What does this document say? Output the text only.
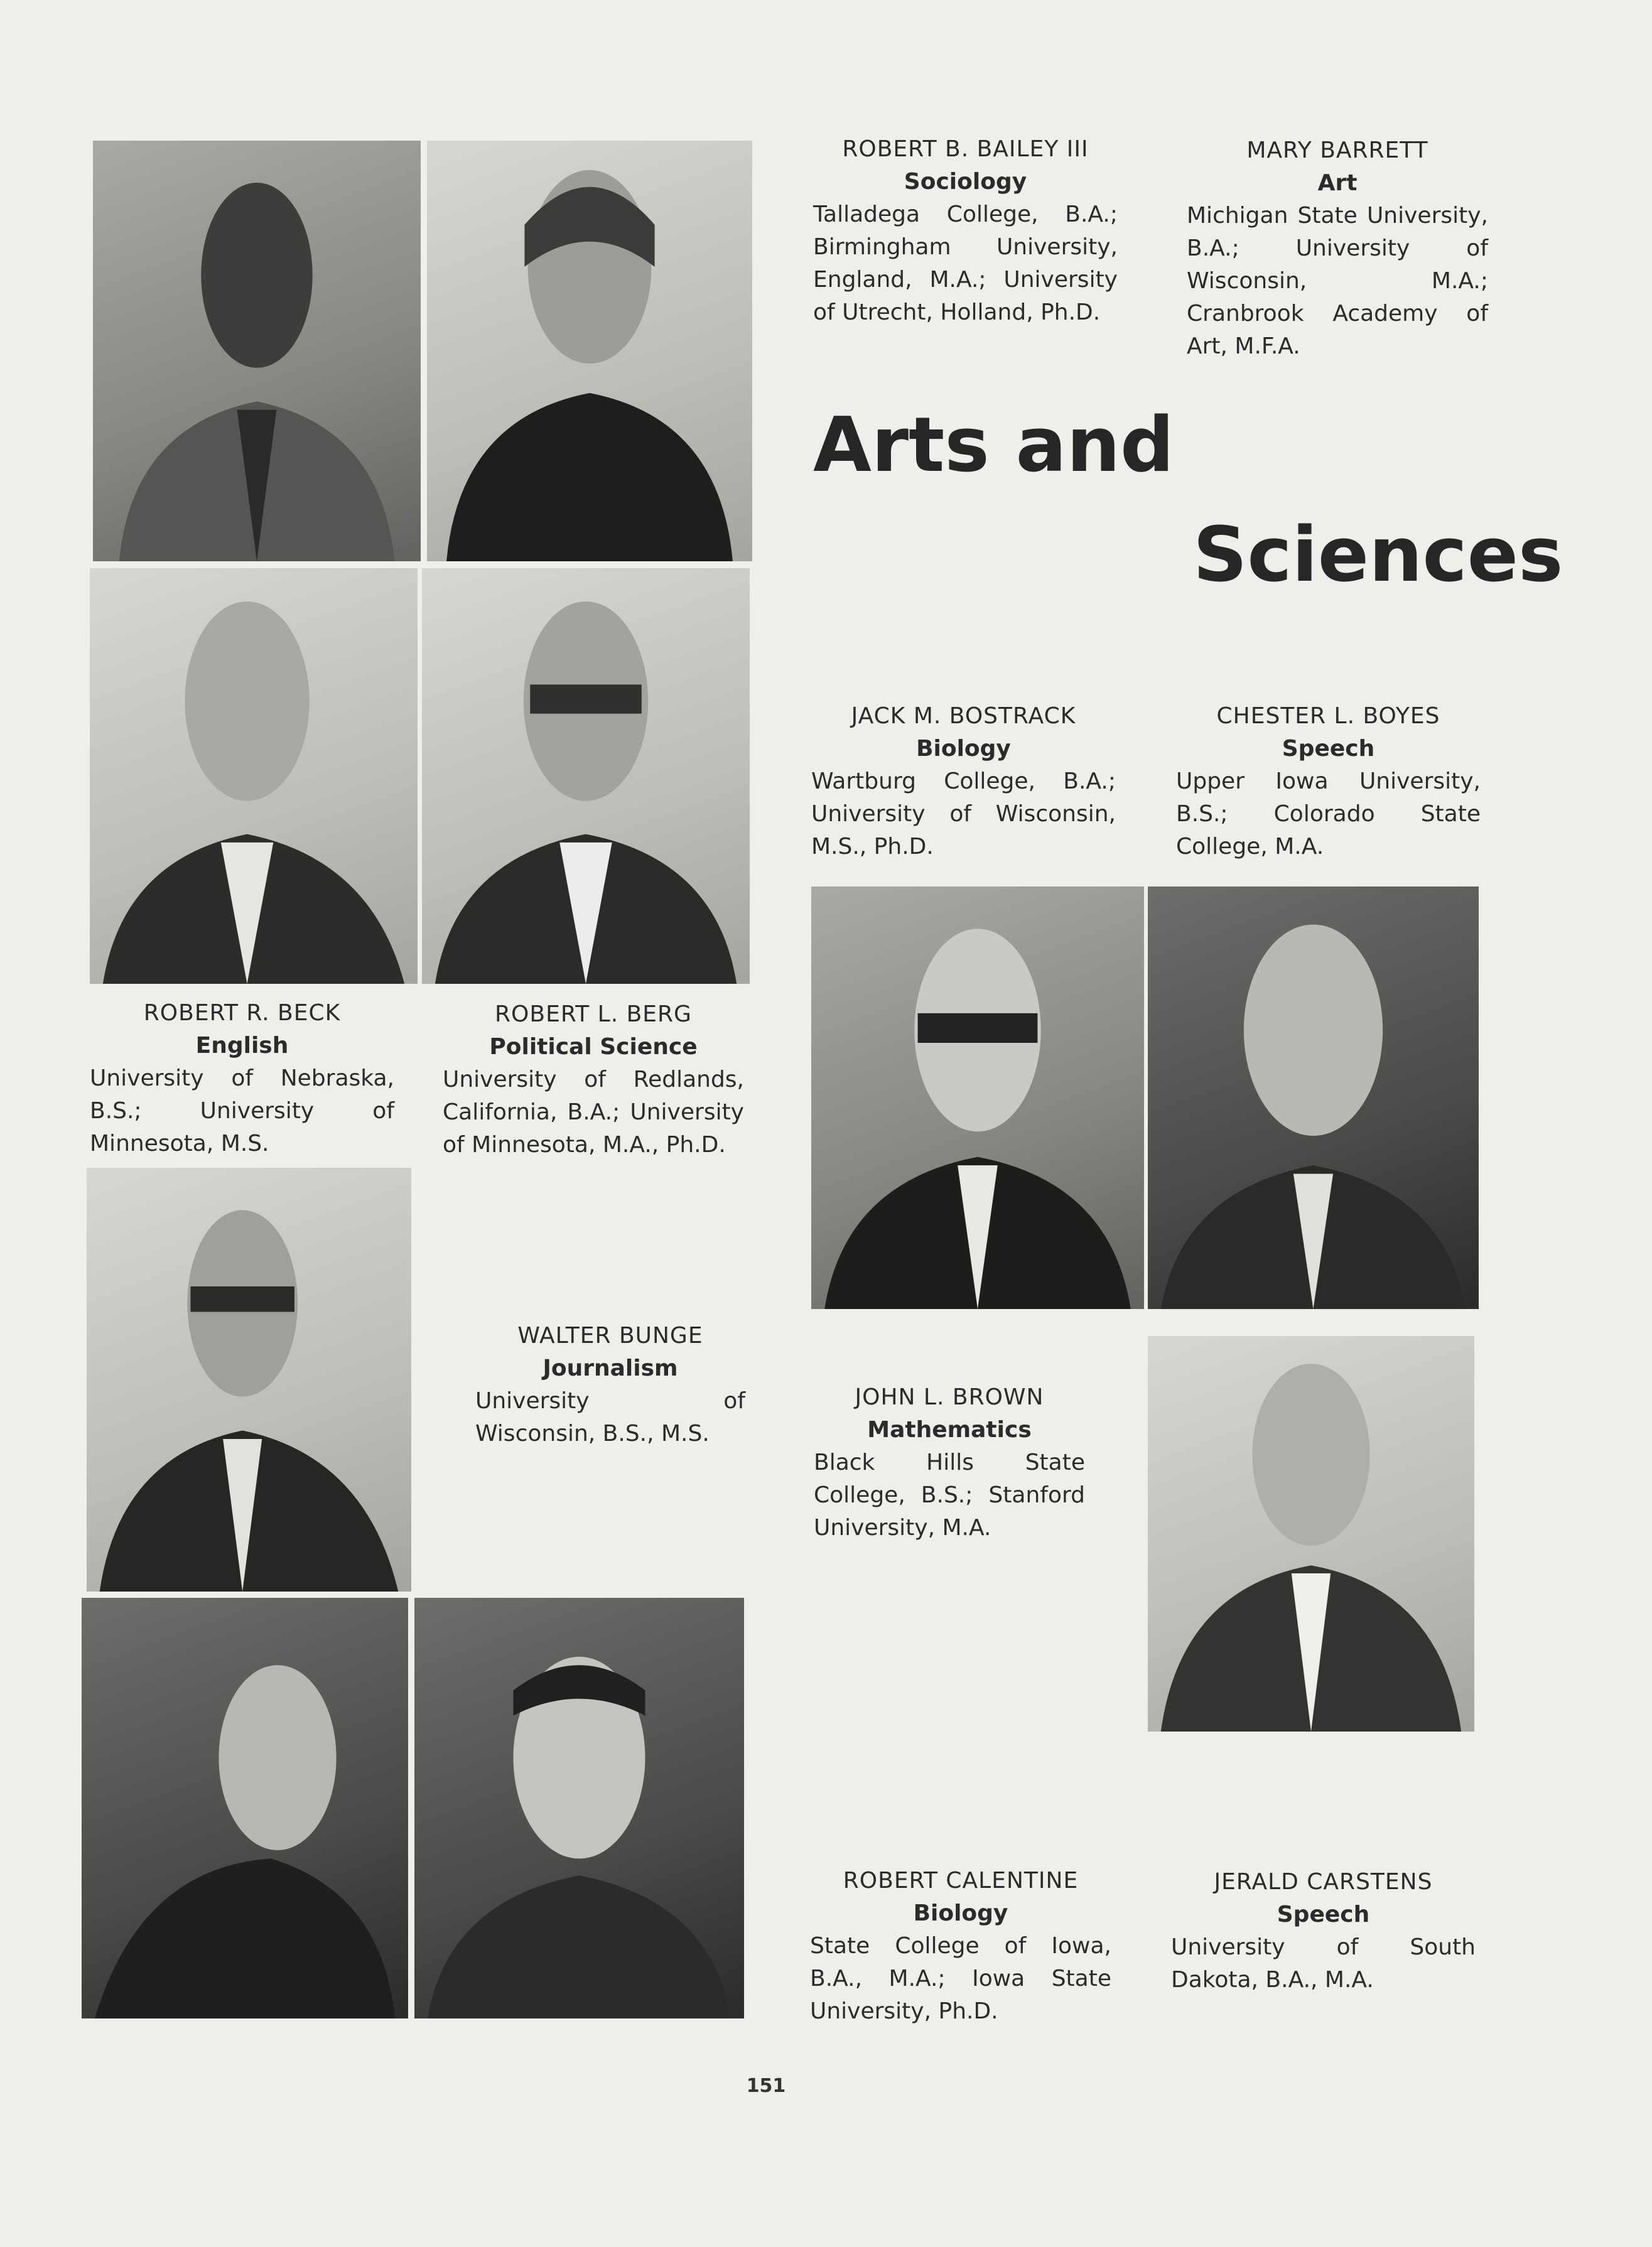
Arts and
Sciences
ROBERT B. BAILEY III
Sociology
Talladega College, B.A.; Birmingham University, England, M.A.; University of Utrecht, Holland, Ph.D.
MARY BARRETT
Art
Michigan State University, B.A.; University of Wisconsin, M.A.; Cranbrook Academy of Art, M.F.A.
JACK M. BOSTRACK
Biology
Wartburg College, B.A.; University of Wisconsin, M.S., Ph.D.
CHESTER L. BOYES
Speech
Upper Iowa University, B.S.; Colorado State College, M.A.
ROBERT R. BECK
English
University of Nebraska, B.S.; University of Minnesota, M.S.
ROBERT L. BERG
Political Science
University of Redlands, California, B.A.; University of Minnesota, M.A., Ph.D.
WALTER BUNGE
Journalism
University of Wisconsin, B.S., M.S.
JOHN L. BROWN
Mathematics
Black Hills State College, B.S.; Stanford University, M.A.
ROBERT CALENTINE
Biology
State College of Iowa, B.A., M.A.; Iowa State University, Ph.D.
JERALD CARSTENS
Speech
University of South Dakota, B.A., M.A.
151
